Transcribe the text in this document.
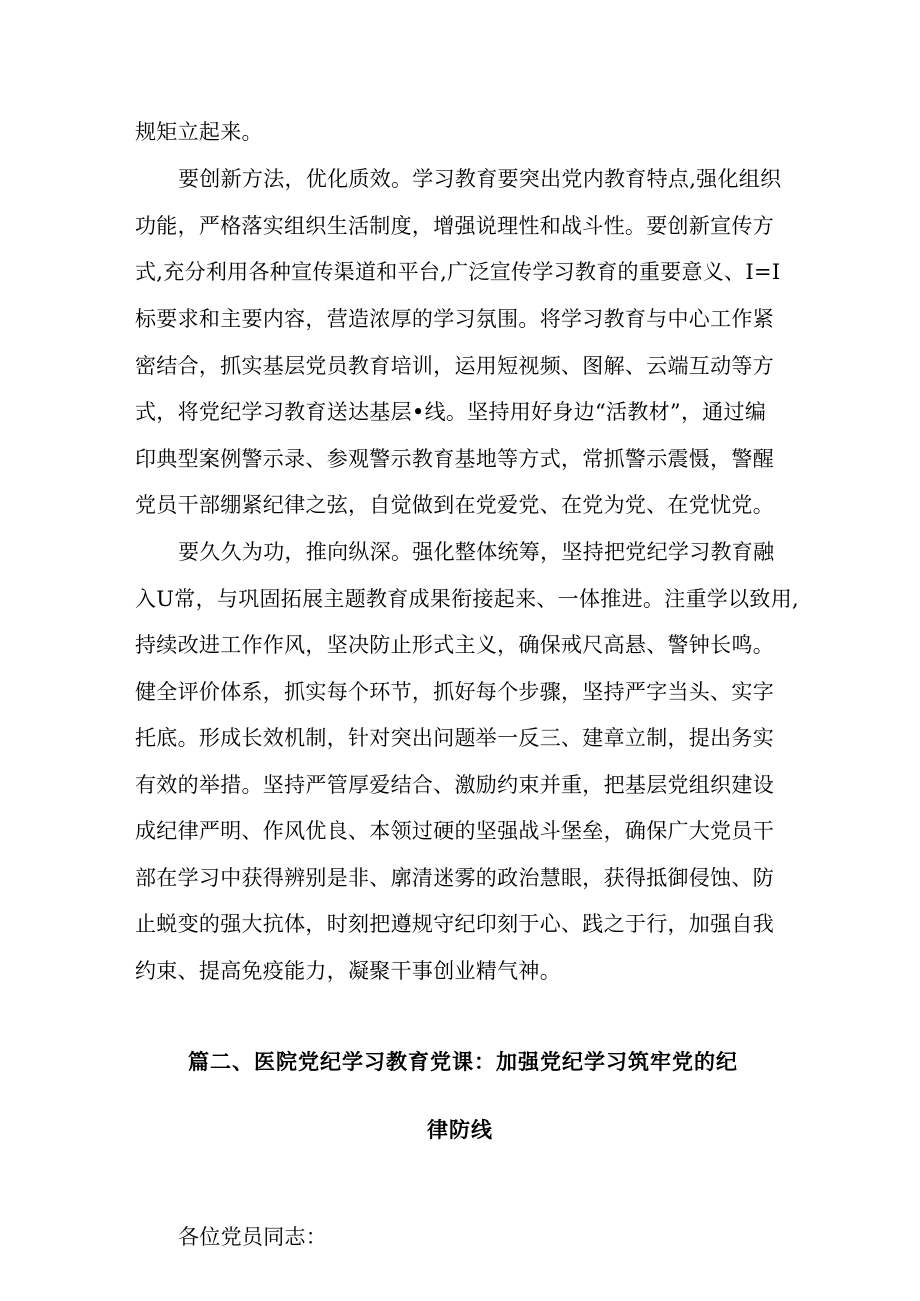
规矩立起来。
要创新方法，优化质效。学习教育要突出党内教育特点,强化组织
功能，严格落实组织生活制度，增强说理性和战斗性。要创新宣传方
式,充分利用各种宣传渠道和平台,广泛宣传学习教育的重要意义、I=I
标要求和主要内容，营造浓厚的学习氛围。将学习教育与中心工作紧
密结合，抓实基层党员教育培训，运用短视频、图解、云端互动等方
式，将党纪学习教育送达基层•线。坚持用好身边“活教材”，通过编
印典型案例警示录、参观警示教育基地等方式，常抓警示震慑，警醒
党员干部绷紧纪律之弦，自觉做到在党爱党、在党为党、在党忧党。
要久久为功，推向纵深。强化整体统筹，坚持把党纪学习教育融
入U常，与巩固拓展主题教育成果衔接起来、一体推进。注重学以致用,
持续改进工作作风，坚决防止形式主义，确保戒尺高悬、警钟长鸣。
健全评价体系，抓实每个环节，抓好每个步骤，坚持严字当头、实字
托底。形成长效机制，针对突出问题举一反三、建章立制，提出务实
有效的举措。坚持严管厚爱结合、激励约束并重，把基层党组织建设
成纪律严明、作风优良、本领过硬的坚强战斗堡垒，确保广大党员干
部在学习中获得辨别是非、廓清迷雾的政治慧眼，获得抵御侵蚀、防
止蜕变的强大抗体，时刻把遵规守纪印刻于心、践之于行，加强自我
约束、提高免疫能力，凝聚干事创业精气神。
篇二、医院党纪学习教育党课：加强党纪学习筑牢党的纪
律防线
各位党员同志：
